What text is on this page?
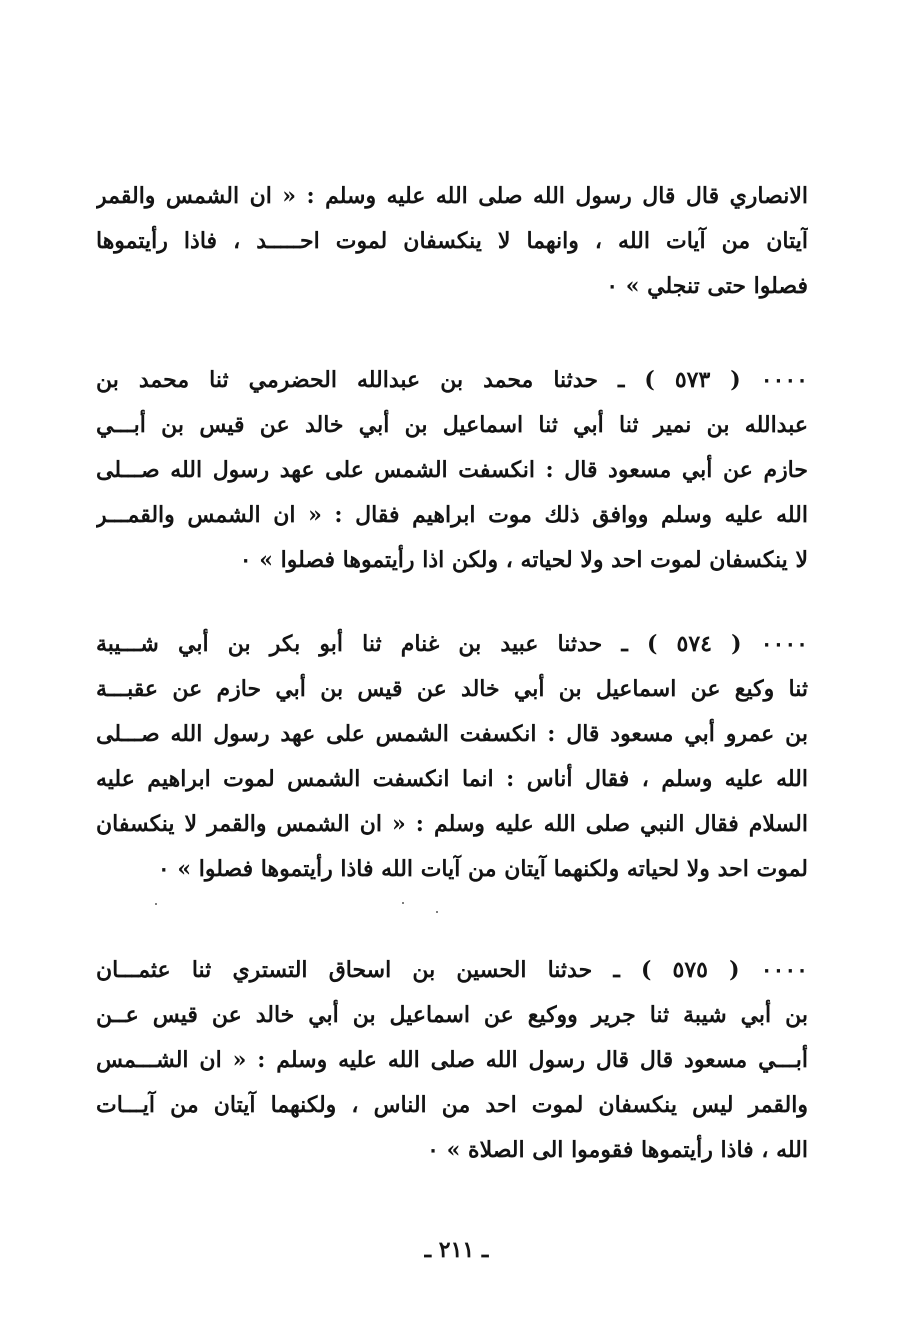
الانصاري قال قال رسول الله صلى الله عليه وسلم : « ان الشمس والقمر
آيتان من آيات الله ، وانهما لا ينكسفان لموت احـــــد ، فاذا رأيتموها
فصلوا حتى تنجلي » ٠
٠٠٠٠ ( ٥٧٣ ) ـ حدثنا محمد بن عبدالله الحضرمي ثنا محمد بن
عبدالله بن نمير ثنا أبي ثنا اسماعيل بن أبي خالد عن قيس بن أبـــي
حازم عن أبي مسعود قال : انكسفت الشمس على عهد رسول الله صـــلى
الله عليه وسلم ووافق ذلك موت ابراهيم فقال : « ان الشمس والقمـــر
لا ينكسفان لموت احد ولا لحياته ، ولكن اذا رأيتموها فصلوا » ٠
٠٠٠٠ ( ٥٧٤ ) ـ حدثنا عبيد بن غنام ثنا أبو بكر بن أبي شـــيبة
ثنا وكيع عن اسماعيل بن أبي خالد عن قيس بن أبي حازم عن عقبـــة
بن عمرو أبي مسعود قال : انكسفت الشمس على عهد رسول الله صـــلى
الله عليه وسلم ، فقال أناس : انما انكسفت الشمس لموت ابراهيم عليه
السلام فقال النبي صلى الله عليه وسلم : « ان الشمس والقمر لا ينكسفان
لموت احد ولا لحياته ولكنهما آيتان من آيات الله فاذا رأيتموها فصلوا » ٠
٠٠٠٠ ( ٥٧٥ ) ـ حدثنا الحسين بن اسحاق التستري ثنا عثمـــان
بن أبي شيبة ثنا جرير ووكيع عن اسماعيل بن أبي خالد عن قيس عــن
أبـــي مسعود قال قال رسول الله صلى الله عليه وسلم : « ان الشـــمس
والقمر ليس ينكسفان لموت احد من الناس ، ولكنهما آيتان من آيـــات
الله ، فاذا رأيتموها فقوموا الى الصلاة » ٠
ـ ٢١١ ـ
